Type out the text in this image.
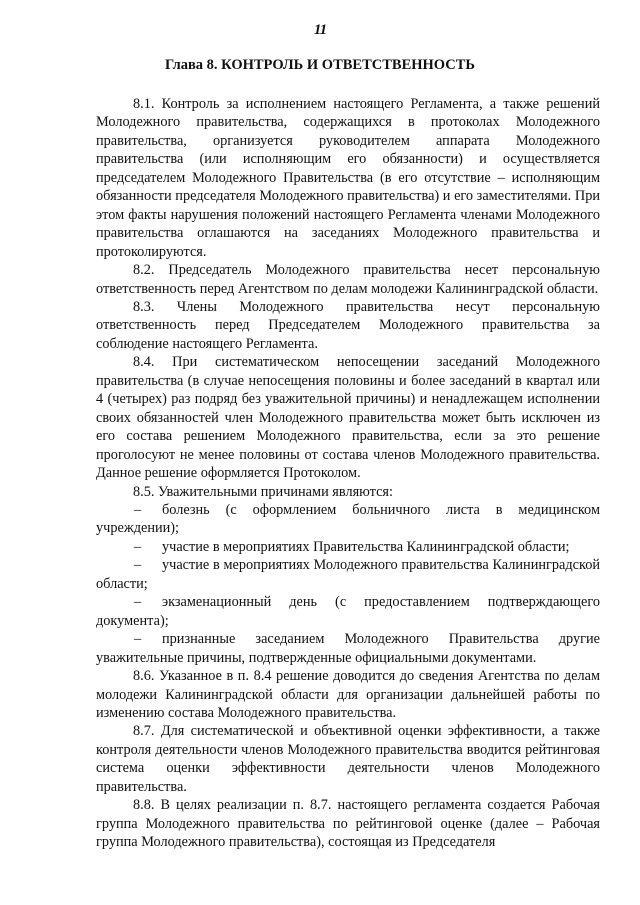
11
Глава 8. КОНТРОЛЬ И ОТВЕТСТВЕННОСТЬ

8.1. Контроль за исполнением настоящего Регламента, а также решений Молодежного правительства, содержащихся в протоколах Молодежного правительства, организуется руководителем аппарата Молодежного правительства (или исполняющим его обязанности) и осуществляется председателем Молодежного Правительства (в его отсутствие – исполняющим обязанности председателя Молодежного правительства) и его заместителями. При этом факты нарушения положений настоящего Регламента членами Молодежного правительства оглашаются на заседаниях Молодежного правительства и протоколируются.

8.2. Председатель Молодежного правительства несет персональную ответственность перед Агентством по делам молодежи Калининградской области.

8.3. Члены Молодежного правительства несут персональную ответственность перед Председателем Молодежного правительства за соблюдение настоящего Регламента.

8.4. При систематическом непосещении заседаний Молодежного правительства (в случае непосещения половины и более заседаний в квартал или 4 (четырех) раз подряд без уважительной причины) и ненадлежащем исполнении своих обязанностей член Молодежного правительства может быть исключен из его состава решением Молодежного правительства, если за это решение проголосуют не менее половины от состава членов Молодежного правительства. Данное решение оформляется Протоколом.

8.5. Уважительными причинами являются:

– болезнь (с оформлением больничного листа в медицинском учреждении);

– участие в мероприятиях Правительства Калининградской области;

– участие в мероприятиях Молодежного правительства Калининградской области;

– экзаменационный день (с предоставлением подтверждающего документа);

– признанные заседанием Молодежного Правительства другие уважительные причины, подтвержденные официальными документами.

8.6. Указанное в п. 8.4 решение доводится до сведения Агентства по делам молодежи Калининградской области для организации дальнейшей работы по изменению состава Молодежного правительства.

8.7. Для систематической и объективной оценки эффективности, а также контроля деятельности членов Молодежного правительства вводится рейтинговая система оценки эффективности деятельности членов Молодежного правительства.

8.8. В целях реализации п. 8.7. настоящего регламента создается Рабочая группа Молодежного правительства по рейтинговой оценке (далее – Рабочая группа Молодежного правительства), состоящая из Председателя
